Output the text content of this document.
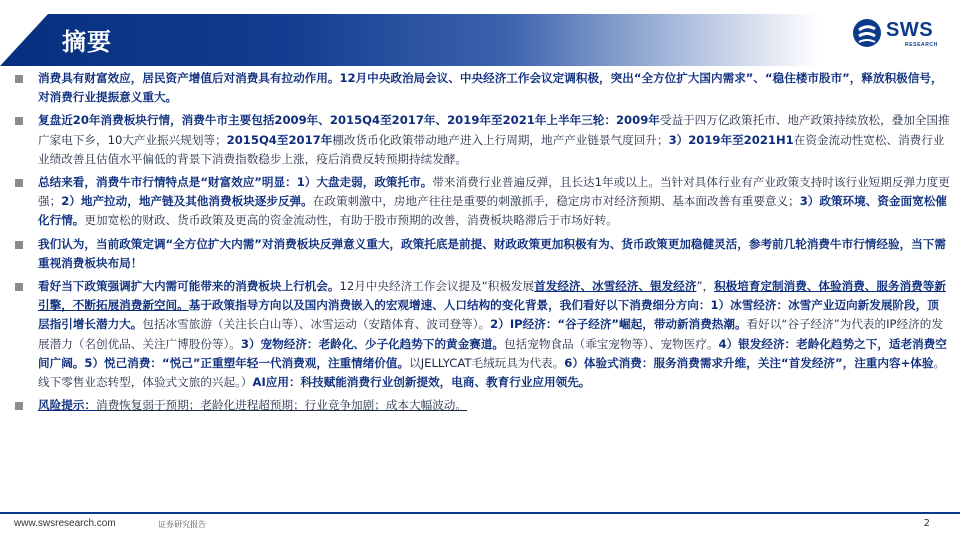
摘要	SWS
RESEARCH
消费具有财富效应，居民资产增值后对消费具有拉动作用。12月中央政治局会议、中央经济工作会议定调积极，突出“全方位扩大国内需求”、“稳住楼市股市”，释放积极信号，对消费行业提振意义重大。
复盘近20年消费板块行情，消费牛市主要包括2009年、2015Q4至2017年、2019年至2021年上半年三轮：2009年受益于四万亿政策托市、地产政策持续放松，叠加全国推广家电下乡，10大产业振兴规划等；2015Q4至2017年棚改货币化政策带动地产进入上行周期，地产产业链景气度回升；3）2019年至2021H1在资金流动性宽松、消费行业业绩改善且估值水平偏低的背景下消费指数稳步上涨，疫后消费反转预期持续发酵。
总结来看，消费牛市行情特点是“财富效应”明显：1）大盘走弱，政策托市。带来消费行业普遍反弹，且长达1年或以上。当针对具体行业有产业政策支持时该行业短期反弹力度更强；2）地产拉动，地产链及其他消费板块逐步反弹。在政策刺激中，房地产往往是重要的刺激抓手，稳定房市对经济预期、基本面改善有重要意义；3）政策环境、资金面宽松催化行情。更加宽松的财政、货币政策及更高的资金流动性，有助于股市预期的改善，消费板块略滞后于市场好转。
我们认为，当前政策定调“全方位扩大内需”对消费板块反弹意义重大，政策托底是前提、财政政策更加积极有为、货币政策更加稳健灵活，参考前几轮消费牛市行情经验，当下需重视消费板块布局！
看好当下政策强调扩大内需可能带来的消费板块上行机会。12月中央经济工作会议提及“积极发展首发经济、冰雪经济、银发经济”，积极培育定制消费、体验消费、服务消费等新引擎，不断拓展消费新空间。基于政策指导方向以及国内消费嵌入的宏观增速、人口结构的变化背景，我们看好以下消费细分方向：1）冰雪经济：冰雪产业迈向新发展阶段，顶层指引增长潜力大。包括冰雪旅游（关注长白山等）、冰雪运动（安踏体育、波司登等）。2）IP经济：“谷子经济”崛起，带动新消费热潮。看好以“谷子经济”为代表的IP经济的发展潜力（名创优品、关注广博股份等）。3）宠物经济：老龄化、少子化趋势下的黄金赛道。包括宠物食品（乖宝宠物等）、宠物医疗。4）银发经济：老龄化趋势之下，适老消费空间广阔。5）悦己消费：“悦己”正重塑年轻一代消费观，注重情绪价值。以JELLYCAT毛绒玩具为代表。6）体验式消费：服务消费需求升维，关注“首发经济”，注重内容+体验。线下零售业态转型，体验式文旅的兴起。）AI应用：科技赋能消费行业创新提效，电商、教育行业应用领先。
风险提示：消费恢复弱于预期；老龄化进程超预期；行业竞争加剧；成本大幅波动。
www.swsresearch.com	证券研究报告	2
